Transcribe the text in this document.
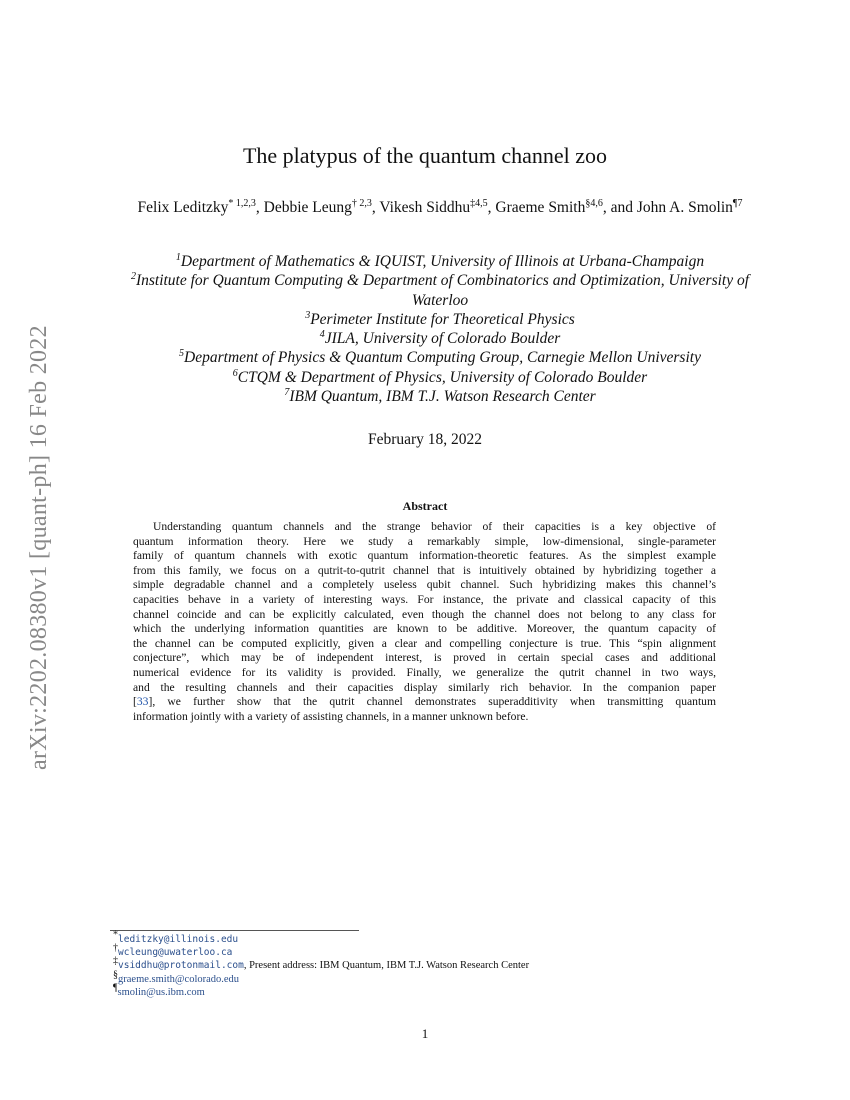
arXiv:2202.08380v1 [quant-ph] 16 Feb 2022
The platypus of the quantum channel zoo
Felix Leditzky$^{* 1,2,3}$, Debbie Leung$^{\dagger 2,3}$, Vikesh Siddhu$^{\ddagger 4,5}$, Graeme Smith$^{\S 4,6}$, and John A. Smolin$^{\P 7}$
$^1$Department of Mathematics & IQUIST, University of Illinois at Urbana-Champaign
$^2$Institute for Quantum Computing & Department of Combinatorics and Optimization, University of Waterloo
$^3$Perimeter Institute for Theoretical Physics
$^4$JILA, University of Colorado Boulder
$^5$Department of Physics & Quantum Computing Group, Carnegie Mellon University
$^6$CTQM & Department of Physics, University of Colorado Boulder
$^7$IBM Quantum, IBM T.J. Watson Research Center
February 18, 2022
Abstract
Understanding quantum channels and the strange behavior of their capacities is a key objective of
quantum information theory. Here we study a remarkably simple, low-dimensional, single-parameter
family of quantum channels with exotic quantum information-theoretic features. As the simplest example
from this family, we focus on a qutrit-to-qutrit channel that is intuitively obtained by hybridizing together a
simple degradable channel and a completely useless qubit channel. Such hybridizing makes this channel’s
capacities behave in a variety of interesting ways. For instance, the private and classical capacity of this
channel coincide and can be explicitly calculated, even though the channel does not belong to any class for
which the underlying information quantities are known to be additive. Moreover, the quantum capacity of
the channel can be computed explicitly, given a clear and compelling conjecture is true. This “spin alignment
conjecture”, which may be of independent interest, is proved in certain special cases and additional
numerical evidence for its validity is provided. Finally, we generalize the qutrit channel in two ways,
and the resulting channels and their capacities display similarly rich behavior. In the companion paper
[33], we further show that the qutrit channel demonstrates superadditivity when transmitting quantum
information jointly with a variety of assisting channels, in a manner unknown before.
*leditzky@illinois.edu
†wcleung@uwaterloo.ca
‡vsiddhu@protonmail.com, Present address: IBM Quantum, IBM T.J. Watson Research Center
§graeme.smith@colorado.edu
¶smolin@us.ibm.com
1
